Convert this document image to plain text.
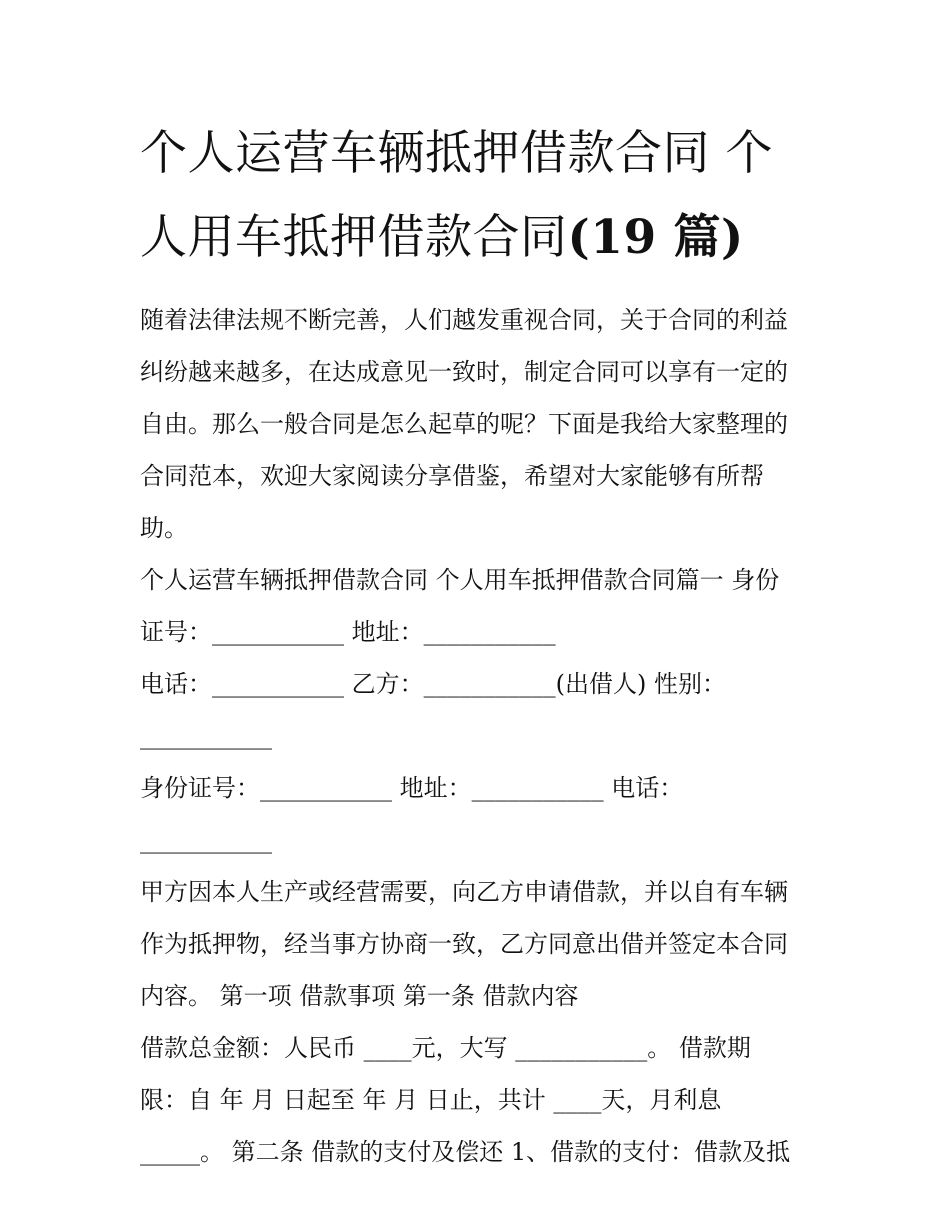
个人运营车辆抵押借款合同 个
人用车抵押借款合同(19 篇)

随着法律法规不断完善，人们越发重视合同，关于合同的利益

纠纷越来越多，在达成意见一致时，制定合同可以享有一定的

自由。那么一般合同是怎么起草的呢？下面是我给大家整理的

合同范本，欢迎大家阅读分享借鉴，希望对大家能够有所帮

助。

个人运营车辆抵押借款合同 个人用车抵押借款合同篇一 身份

证号：___________ 地址：___________

电话：___________ 乙方：___________(出借人) 性别：

___________

身份证号：___________ 地址：___________ 电话：

___________

甲方因本人生产或经营需要，向乙方申请借款，并以自有车辆

作为抵押物，经当事方协商一致，乙方同意出借并签定本合同

内容。 第一项 借款事项 第一条 借款内容

借款总金额：人民币 ____元，大写 ___________。 借款期

限：自 年 月 日起至 年 月 日止，共计 ____天，月利息

_____。 第二条 借款的支付及偿还 1、借款的支付：借款及抵
